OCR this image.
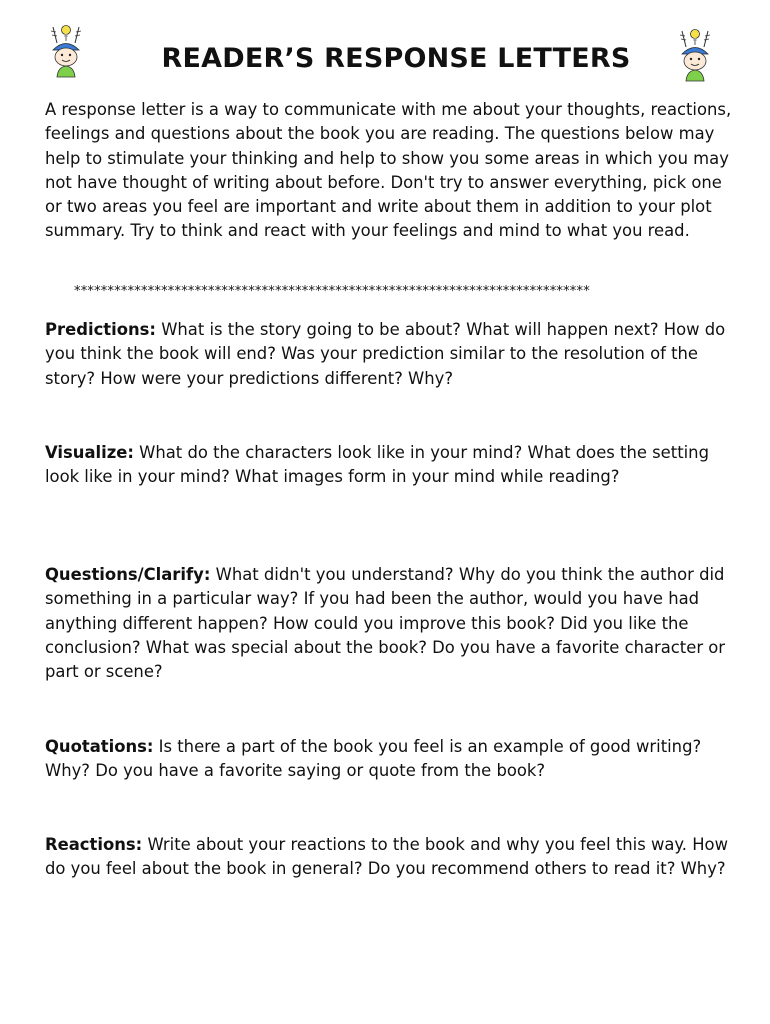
READER’S RESPONSE LETTERS

A response letter is a way to communicate with me about your thoughts, reactions, feelings and questions about the book you are reading. The questions below may help to stimulate your thinking and help to show you some areas in which you may not have thought of writing about before. Don't try to answer everything, pick one or two areas you feel are important and write about them in addition to your plot summary. Try to think and react with your feelings and mind to what you read.

*****************************************************************************

Predictions: What is the story going to be about? What will happen next? How do you think the book will end? Was your prediction similar to the resolution of the story? How were your predictions different? Why?

Visualize: What do the characters look like in your mind? What does the setting look like in your mind? What images form in your mind while reading?

Questions/Clarify: What didn't you understand? Why do you think the author did something in a particular way? If you had been the author, would you have had anything different happen? How could you improve this book? Did you like the conclusion? What was special about the book? Do you have a favorite character or part or scene?

Quotations: Is there a part of the book you feel is an example of good writing? Why? Do you have a favorite saying or quote from the book?

Reactions: Write about your reactions to the book and why you feel this way. How do you feel about the book in general? Do you recommend others to read it? Why?
